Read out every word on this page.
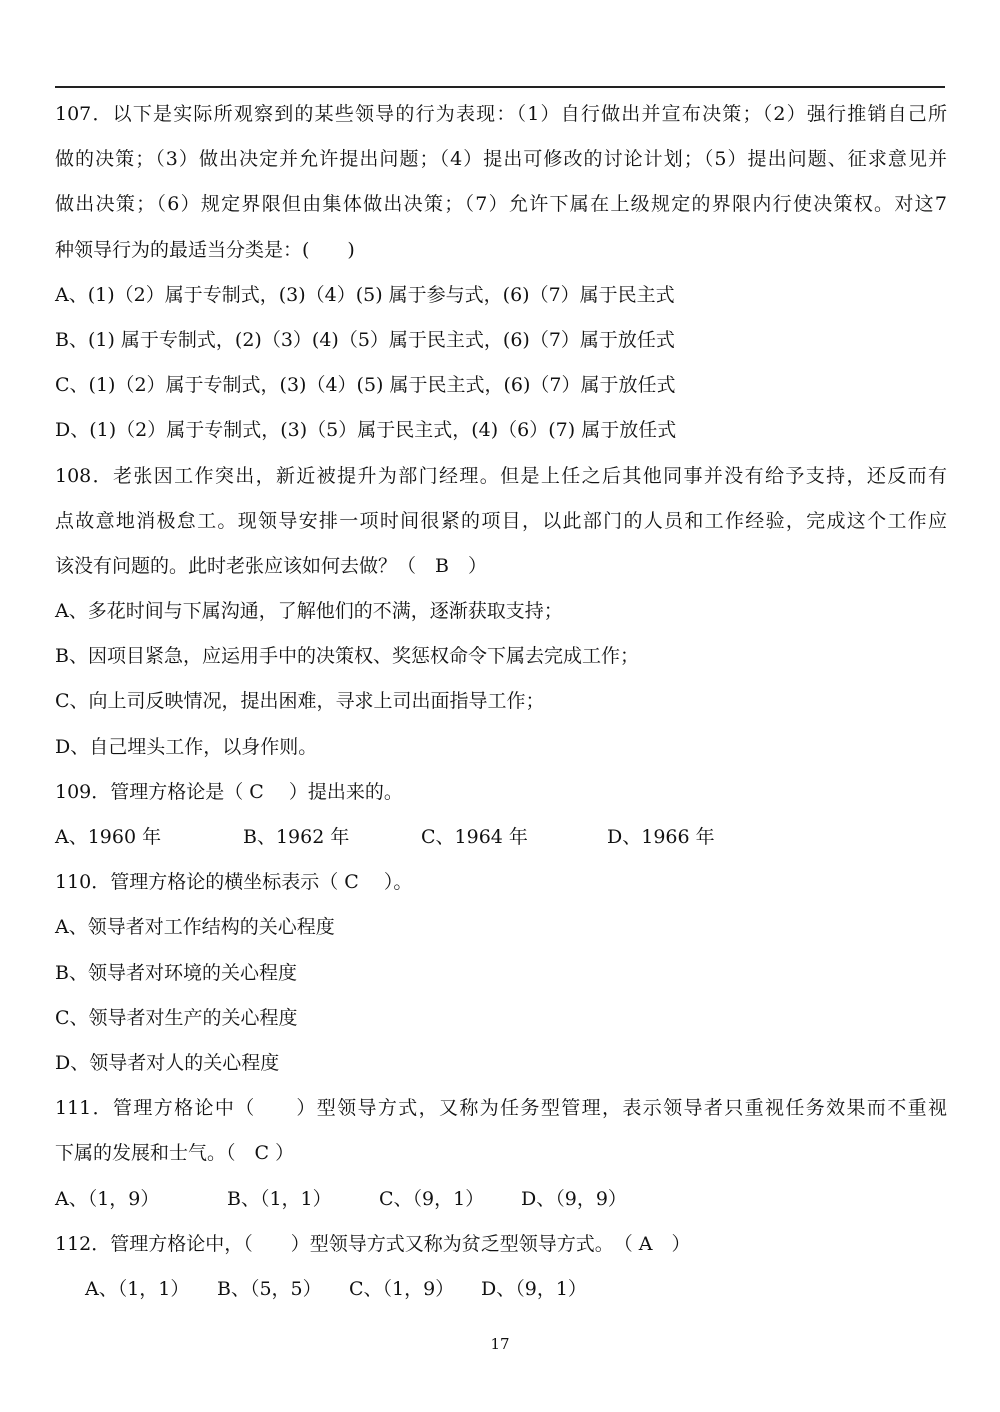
107．以下是实际所观察到的某些领导的行为表现：（1）自行做出并宣布决策；（2）强行推销自己所
做的决策；（3）做出决定并允许提出问题；（4）提出可修改的讨论计划；（5）提出问题、征求意见并
做出决策；（6）规定界限但由集体做出决策；（7）允许下属在上级规定的界限内行使决策权。对这7
种领导行为的最适当分类是：(　　)
A、(1)（2）属于专制式，(3)（4）(5) 属于参与式，(6)（7）属于民主式
B、(1) 属于专制式，(2)（3）(4)（5）属于民主式，(6)（7）属于放任式
C、(1)（2）属于专制式，(3)（4）(5) 属于民主式，(6)（7）属于放任式
D、(1)（2）属于专制式，(3)（5）属于民主式，(4)（6）(7) 属于放任式
108．老张因工作突出，新近被提升为部门经理。但是上任之后其他同事并没有给予支持，还反而有
点故意地消极怠工。现领导安排一项时间很紧的项目，以此部门的人员和工作经验，完成这个工作应
该没有问题的。此时老张应该如何去做？（　B　）
A、多花时间与下属沟通，了解他们的不满，逐渐获取支持；
B、因项目紧急，应运用手中的决策权、奖惩权命令下属去完成工作；
C、向上司反映情况，提出困难，寻求上司出面指导工作；
D、自己埋头工作，以身作则。
109．管理方格论是（ C　 ）提出来的。
A、1960 年	B、1962 年	C、1964 年	D、1966 年
110．管理方格论的横坐标表示（ C　 ）。
A、领导者对工作结构的关心程度
B、领导者对环境的关心程度
C、领导者对生产的关心程度
D、领导者对人的关心程度
111．管理方格论中（　　）型领导方式，又称为任务型管理，表示领导者只重视任务效果而不重视
下属的发展和士气。（　C ）
A、（1，9）	B、（1，1）	C、（9，1）	D、（9，9）
112．管理方格论中，（　　）型领导方式又称为贫乏型领导方式。　（ A　）
A、（1，1）	B、（5，5）	C、（1，9）	D、（9，1）
17
